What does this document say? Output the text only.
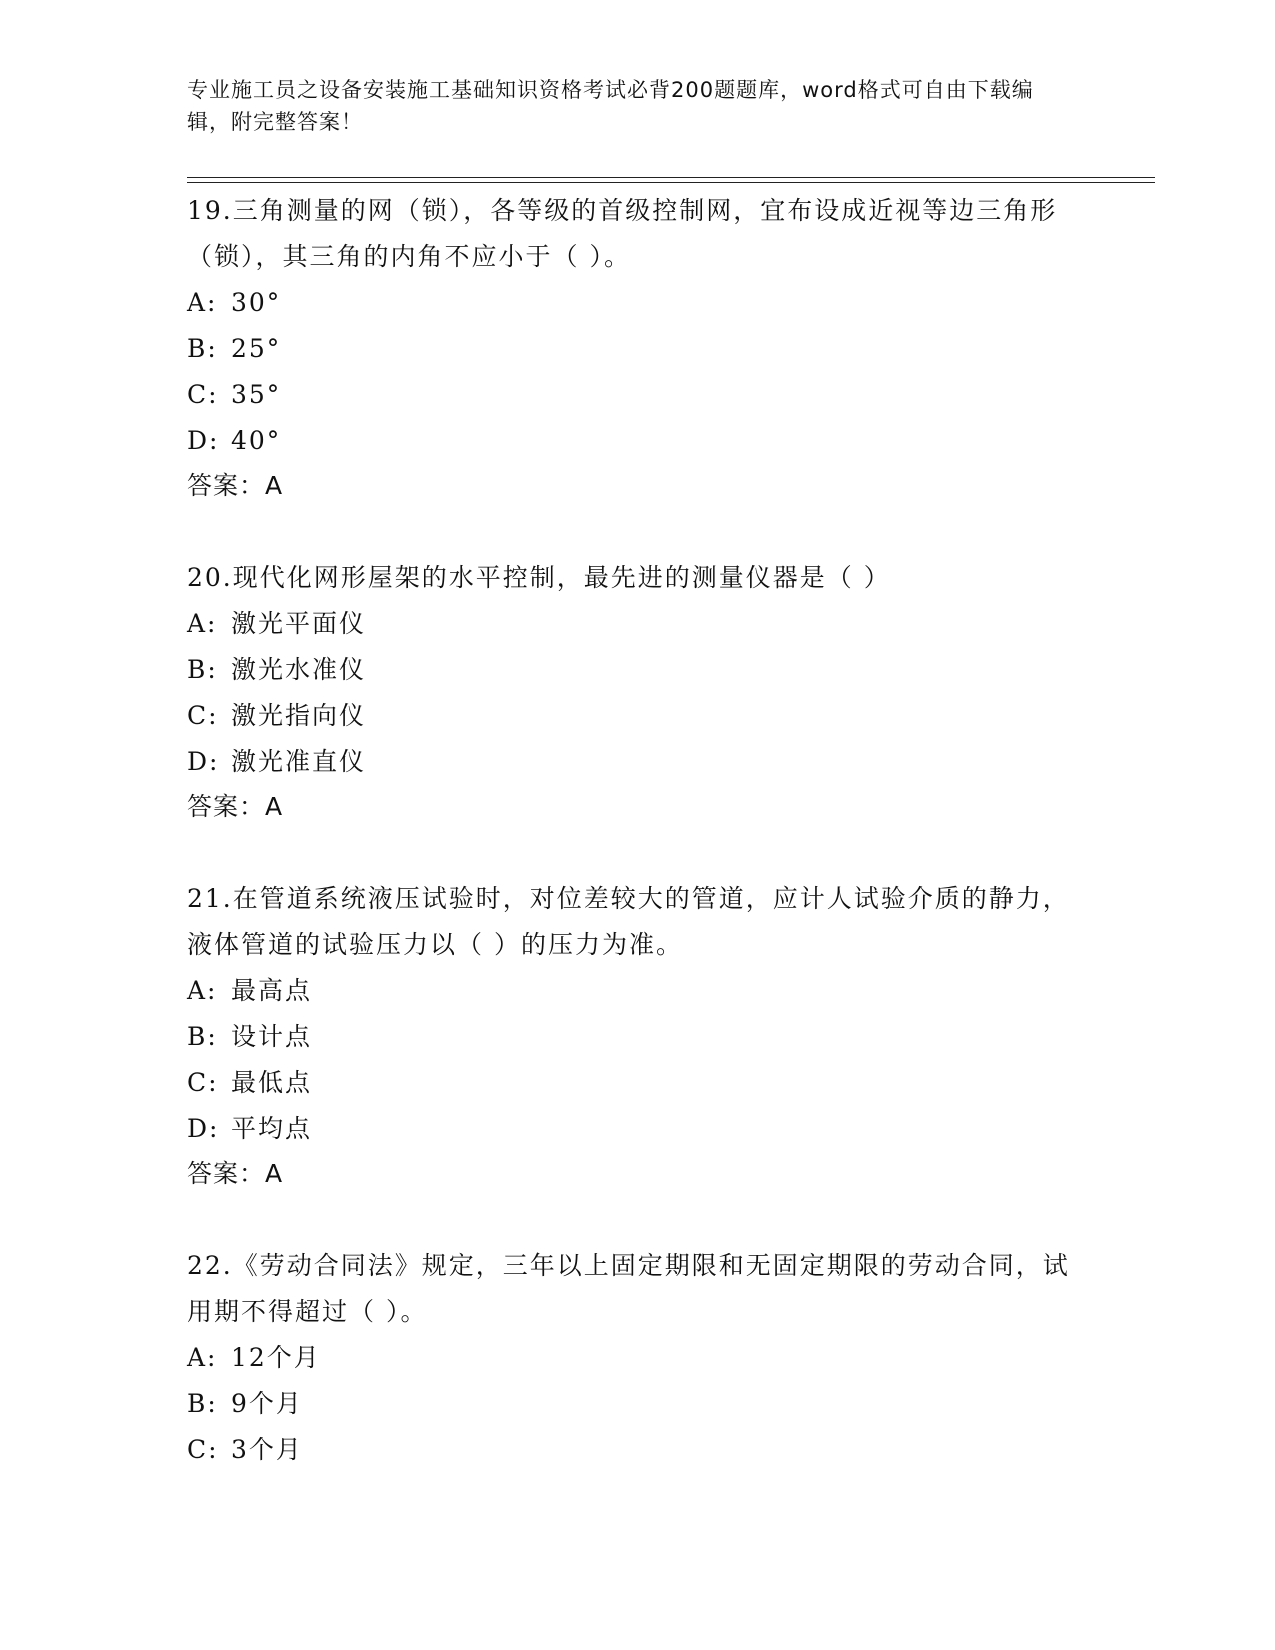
专业施工员之设备安装施工基础知识资格考试必背200题题库，word格式可自由下载编辑，附完整答案！

19.三角测量的网（锁），各等级的首级控制网，宜布设成近视等边三角形（锁），其三角的内角不应小于（ ）。

A: 30°

B: 25°

C: 35°

D: 40°

答案：A

20.现代化网形屋架的水平控制，最先进的测量仪器是（ ）

A: 激光平面仪

B: 激光水准仪

C: 激光指向仪

D: 激光准直仪

答案：A

21.在管道系统液压试验时，对位差较大的管道，应计人试验介质的静力，液体管道的试验压力以（ ）的压力为准。

A: 最高点

B: 设计点

C: 最低点

D: 平均点

答案：A

22.《劳动合同法》规定，三年以上固定期限和无固定期限的劳动合同，试用期不得超过（ ）。

A: 12个月

B: 9个月

C: 3个月
